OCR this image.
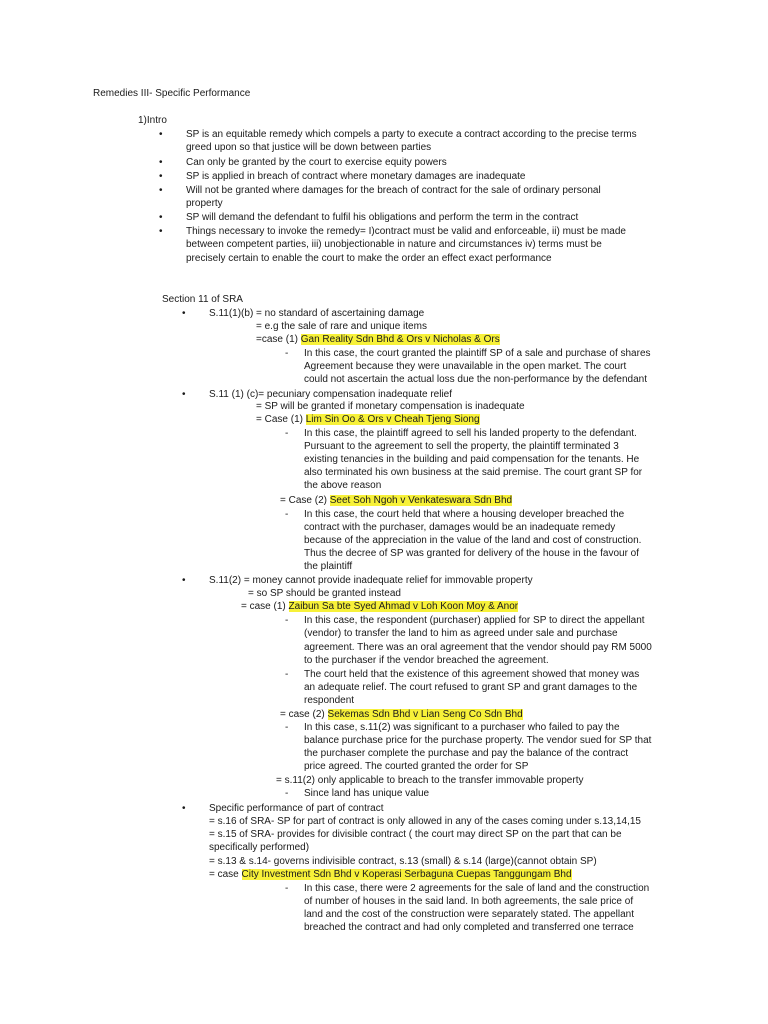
Remedies III- Specific Performance
1)Intro
• SP is an equitable remedy which compels a party to execute a contract according to the precise terms
greed upon so that justice will be down between parties
• Can only be granted by the court to exercise equity powers
• SP is applied in breach of contract where monetary damages are inadequate
• Will not be granted where damages for the breach of contract for the sale of ordinary personal
property
• SP will demand the defendant to fulfil his obligations and perform the term in the contract
• Things necessary to invoke the remedy= I)contract must be valid and enforceable, ii) must be made
between competent parties, iii) unobjectionable in nature and circumstances iv) terms must be
precisely certain to enable the court to make the order an effect exact performance
Section 11 of SRA
• S.11(1)(b) = no standard of ascertaining damage
= e.g the sale of rare and unique items
=case (1) Gan Reality Sdn Bhd & Ors v Nicholas & Ors
- In this case, the court granted the plaintiff SP of a sale and purchase of shares
Agreement because they were unavailable in the open market. The court
could not ascertain the actual loss due the non-performance by the defendant
• S.11 (1) (c)= pecuniary compensation inadequate relief
= SP will be granted if monetary compensation is inadequate
= Case (1) Lim Sin Oo & Ors v Cheah Tjeng Siong
- In this case, the plaintiff agreed to sell his landed property to the defendant.
Pursuant to the agreement to sell the property, the plaintiff terminated 3
existing tenancies in the building and paid compensation for the tenants. He
also terminated his own business at the said premise. The court grant SP for
the above reason
= Case (2) Seet Soh Ngoh v Venkateswara Sdn Bhd
- In this case, the court held that where a housing developer breached the
contract with the purchaser, damages would be an inadequate remedy
because of the appreciation in the value of the land and cost of construction.
Thus the decree of SP was granted for delivery of the house in the favour of
the plaintiff
• S.11(2) = money cannot provide inadequate relief for immovable property
= so SP should be granted instead
= case (1) Zaibun Sa bte Syed Ahmad v Loh Koon Moy & Anor
- In this case, the respondent (purchaser) applied for SP to direct the appellant
(vendor) to transfer the land to him as agreed under sale and purchase
agreement. There was an oral agreement that the vendor should pay RM 5000
to the purchaser if the vendor breached the agreement.
- The court held that the existence of this agreement showed that money was
an adequate relief. The court refused to grant SP and grant damages to the
respondent
= case (2) Sekemas Sdn Bhd v Lian Seng Co Sdn Bhd
- In this case, s.11(2) was significant to a purchaser who failed to pay the
balance purchase price for the purchase property. The vendor sued for SP that
the purchaser complete the purchase and pay the balance of the contract
price agreed. The courted granted the order for SP
= s.11(2) only applicable to breach to the transfer immovable property
- Since land has unique value
• Specific performance of part of contract
= s.16 of SRA- SP for part of contract is only allowed in any of the cases coming under s.13,14,15
= s.15 of SRA- provides for divisible contract ( the court may direct SP on the part that can be
specifically performed)
= s.13 & s.14- governs indivisible contract, s.13 (small) & s.14 (large)(cannot obtain SP)
= case City Investment Sdn Bhd v Koperasi Serbaguna Cuepas Tanggungam Bhd
- In this case, there were 2 agreements for the sale of land and the construction
of number of houses in the said land. In both agreements, the sale price of
land and the cost of the construction were separately stated. The appellant
breached the contract and had only completed and transferred one terrace
